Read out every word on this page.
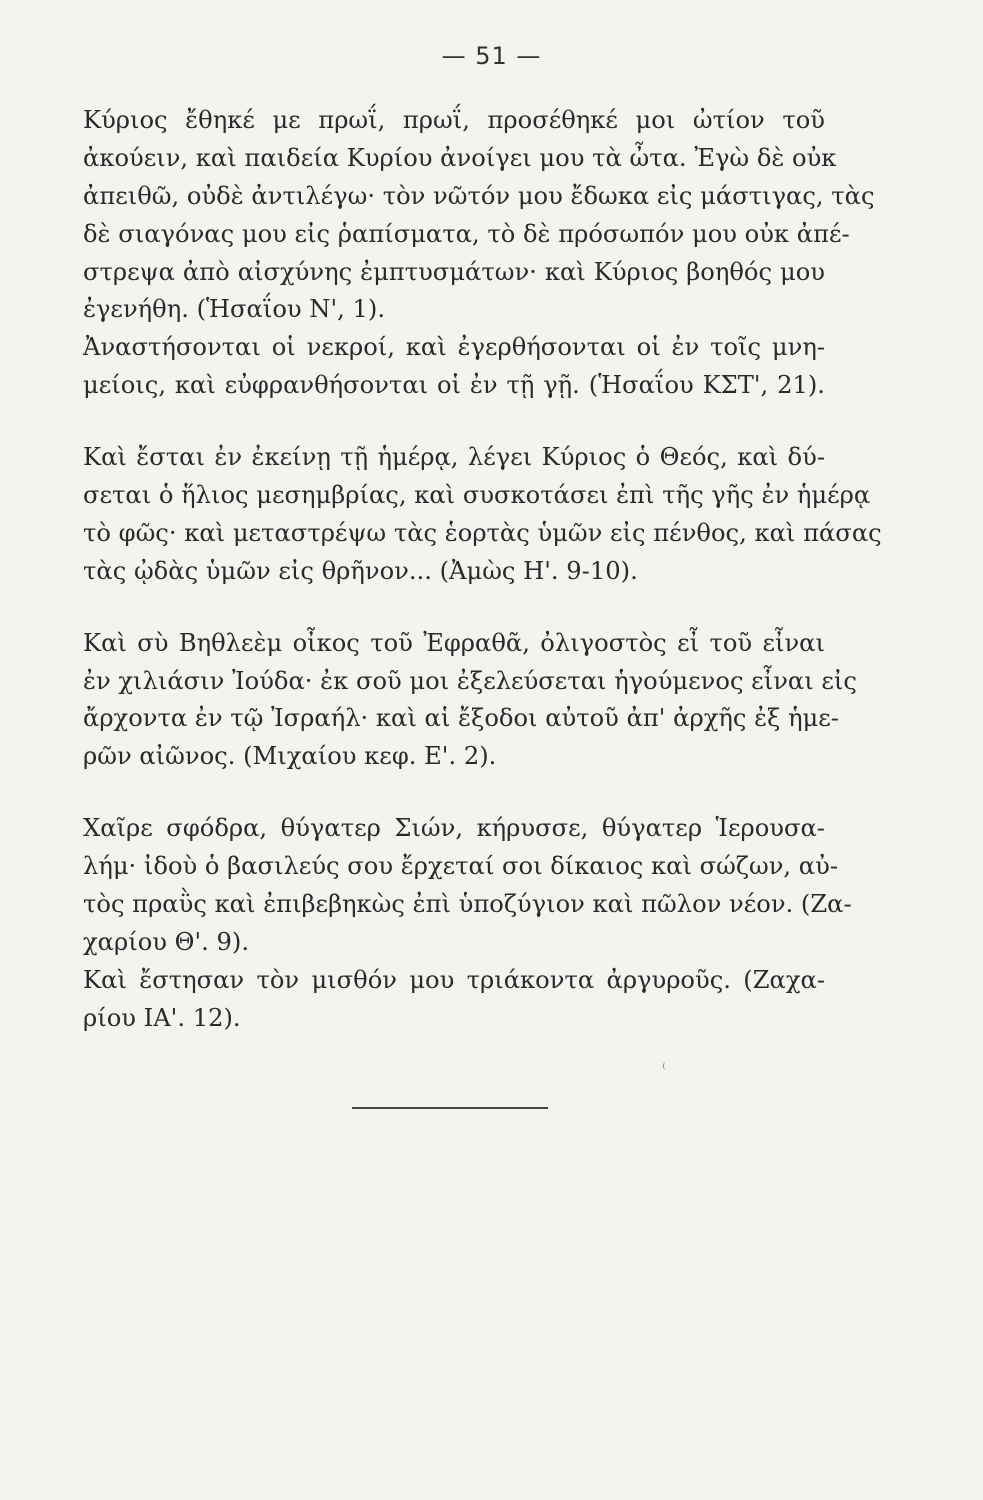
— 51 —
Κύριος ἔθηκέ με πρωΐ, πρωΐ, προσέθηκέ μοι ὠτίον τοῦ
ἀκούειν, καὶ παιδεία Κυρίου ἀνοίγει μου τὰ ὦτα. Ἐγὼ δὲ οὐκ
ἀπειθῶ, οὐδὲ ἀντιλέγω· τὸν νῶτόν μου ἔδωκα εἰς μάστιγας, τὰς
δὲ σιαγόνας μου εἰς ῥαπίσματα, τὸ δὲ πρόσωπόν μου οὐκ ἀπέ-
στρεψα ἀπὸ αἰσχύνης ἐμπτυσμάτων· καὶ Κύριος βοηθός μου
ἐγενήθη. (Ἡσαΐου Ν', 1).
Ἀναστήσονται οἱ νεκροί, καὶ ἐγερθήσονται οἱ ἐν τοῖς μνη-
μείοις, καὶ εὐφρανθήσονται οἱ ἐν τῇ γῇ. (Ἡσαΐου ΚΣΤ', 21).
Καὶ ἔσται ἐν ἐκείνῃ τῇ ἡμέρᾳ, λέγει Κύριος ὁ Θεός, καὶ δύ-
σεται ὁ ἥλιος μεσημβρίας, καὶ συσκοτάσει ἐπὶ τῆς γῆς ἐν ἡμέρᾳ
τὸ φῶς· καὶ μεταστρέψω τὰς ἑορτὰς ὑμῶν εἰς πένθος, καὶ πάσας
τὰς ᾠδὰς ὑμῶν εἰς θρῆνον... (Ἀμὼς Η'. 9-10).
Καὶ σὺ Βηθλεὲμ οἶκος τοῦ Ἐφραθᾶ, ὀλιγοστὸς εἶ τοῦ εἶναι
ἐν χιλιάσιν Ἰούδα· ἐκ σοῦ μοι ἐξελεύσεται ἡγούμενος εἶναι εἰς
ἄρχοντα ἐν τῷ Ἰσραήλ· καὶ αἱ ἔξοδοι αὐτοῦ ἀπ' ἀρχῆς ἐξ ἡμε-
ρῶν αἰῶνος. (Μιχαίου κεφ. Ε'. 2).
Χαῖρε σφόδρα, θύγατερ Σιών, κήρυσσε, θύγατερ Ἱερουσα-
λήμ· ἰδοὺ ὁ βασιλεύς σου ἔρχεταί σοι δίκαιος καὶ σώζων, αὐ-
τὸς πραῢς καὶ ἐπιβεβηκὼς ἐπὶ ὑποζύγιον καὶ πῶλον νέον. (Ζα-
χαρίου Θ'. 9).
Καὶ ἔστησαν τὸν μισθόν μου τριάκοντα ἀργυροῦς. (Ζαχα-
ρίου ΙΑ'. 12).
